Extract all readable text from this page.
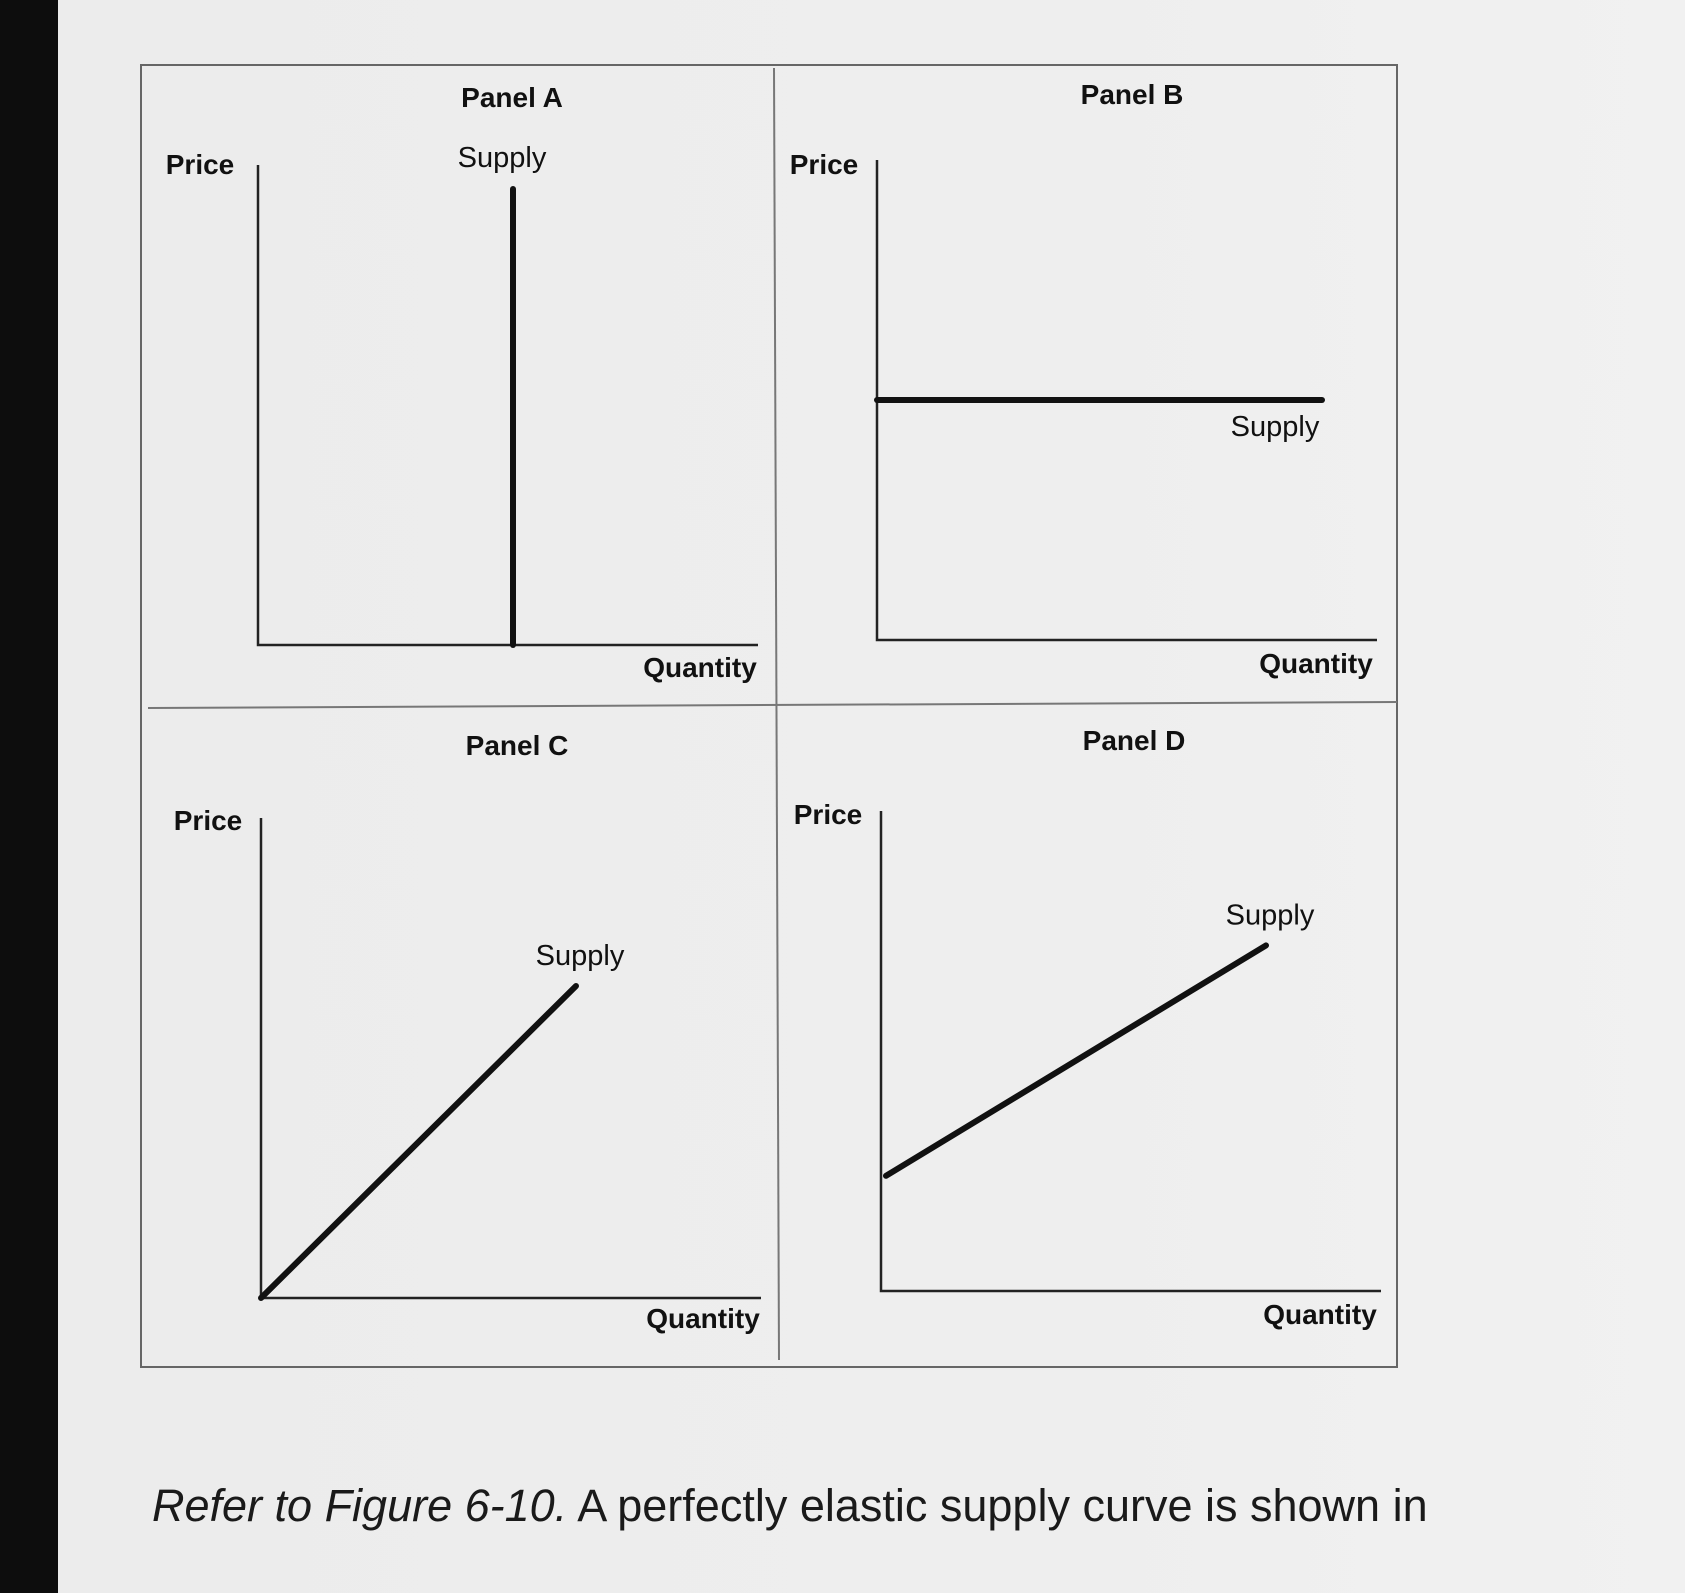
Panel A
Price
Quantity
Supply
Panel B
Price
Quantity
Supply
Panel C
Price
Quantity
Supply
Panel D
Price
Quantity
Supply
Refer to Figure 6-10. A perfectly elastic supply curve is shown in
